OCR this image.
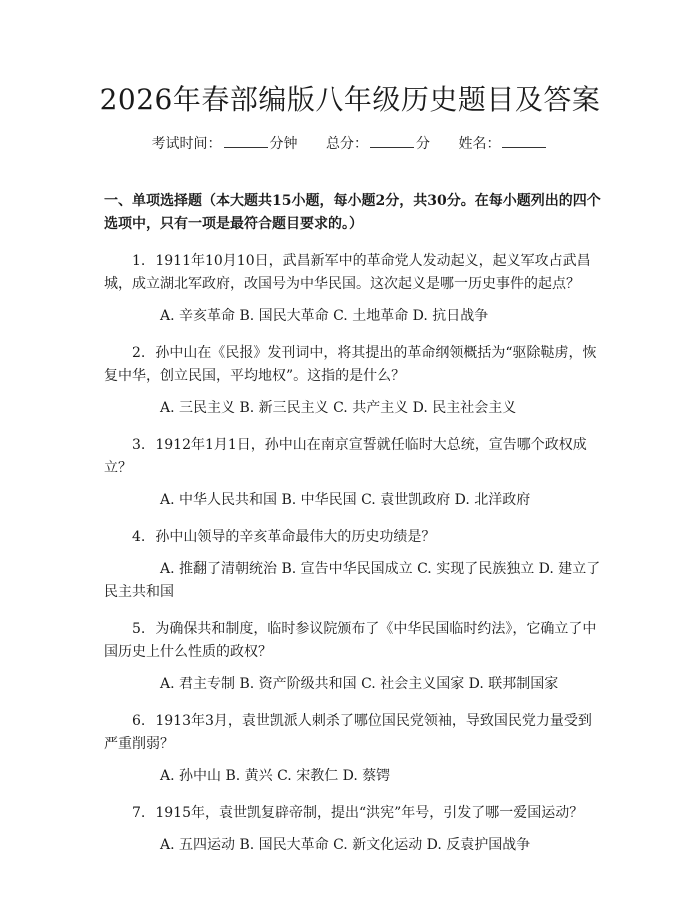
2026年春部编版八年级历史题目及答案
考试时间：	分钟 总分：	分 姓名：

一、单项选择题（本大题共15小题，每小题2分，共30分。在每小题列出的四个选项中，只有一项是最符合题目要求的。）

1. 1911年10月10日，武昌新军中的革命党人发动起义，起义军攻占武昌城，成立湖北军政府，改国号为中华民国。这次起义是哪一历史事件的起点？

A. 辛亥革命 B. 国民大革命 C. 土地革命 D. 抗日战争

2. 孙中山在《民报》发刊词中，将其提出的革命纲领概括为“驱除鞑虏，恢复中华，创立民国，平均地权”。这指的是什么？

A. 三民主义 B. 新三民主义 C. 共产主义 D. 民主社会主义

3. 1912年1月1日，孙中山在南京宣誓就任临时大总统，宣告哪个政权成立？

A. 中华人民共和国 B. 中华民国 C. 袁世凯政府 D. 北洋政府

4. 孙中山领导的辛亥革命最伟大的历史功绩是？

A. 推翻了清朝统治 B. 宣告中华民国成立 C. 实现了民族独立 D. 建立了民主共和国

5. 为确保共和制度，临时参议院颁布了《中华民国临时约法》，它确立了中国历史上什么性质的政权？

A. 君主专制 B. 资产阶级共和国 C. 社会主义国家 D. 联邦制国家

6. 1913年3月，袁世凯派人刺杀了哪位国民党领袖，导致国民党力量受到严重削弱？

A. 孙中山 B. 黄兴 C. 宋教仁 D. 蔡锷

7. 1915年，袁世凯复辟帝制，提出“洪宪”年号，引发了哪一爱国运动？

A. 五四运动 B. 国民大革命 C. 新文化运动 D. 反袁护国战争
